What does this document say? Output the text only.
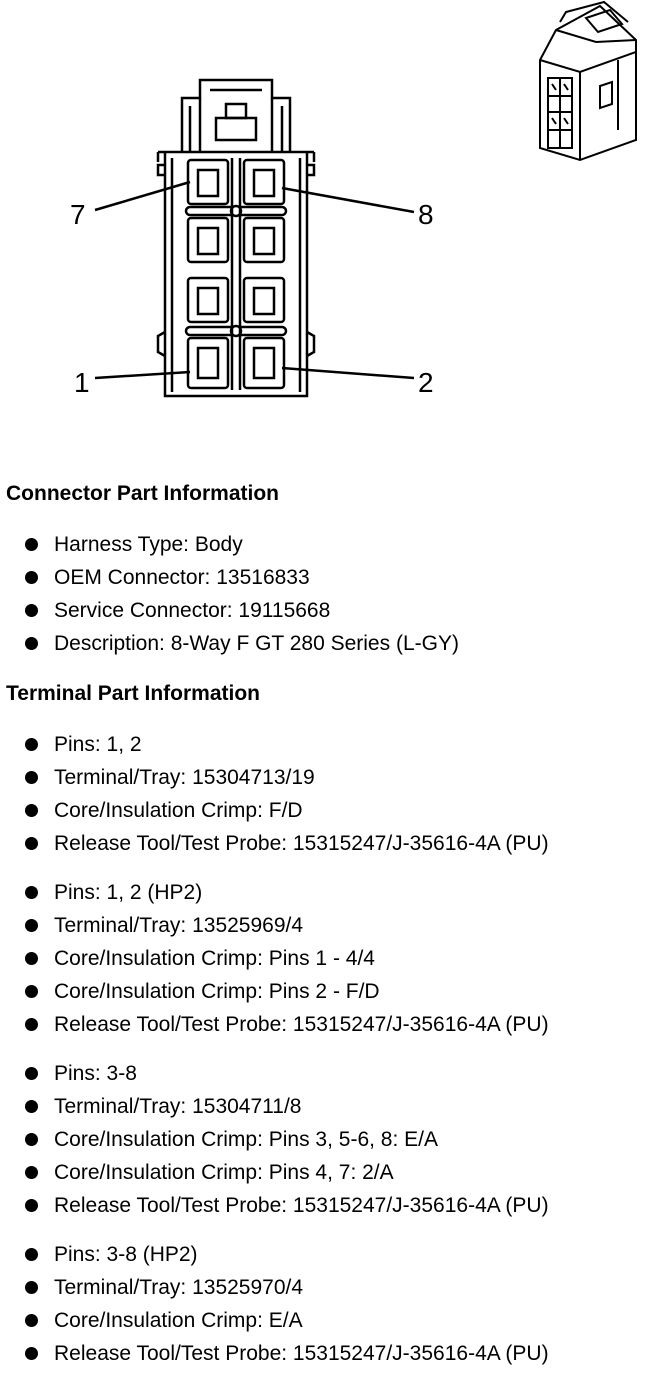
7	8
1	2
Connector Part Information
Harness Type: Body
OEM Connector: 13516833
Service Connector: 19115668
Description: 8-Way F GT 280 Series (L-GY)
Terminal Part Information
Pins: 1, 2
Terminal/Tray: 15304713/19
Core/Insulation Crimp: F/D
Release Tool/Test Probe: 15315247/J-35616-4A (PU)
Pins: 1, 2 (HP2)
Terminal/Tray: 13525969/4
Core/Insulation Crimp: Pins 1 - 4/4
Core/Insulation Crimp: Pins 2 - F/D
Release Tool/Test Probe: 15315247/J-35616-4A (PU)
Pins: 3-8
Terminal/Tray: 15304711/8
Core/Insulation Crimp: Pins 3, 5-6, 8: E/A
Core/Insulation Crimp: Pins 4, 7: 2/A
Release Tool/Test Probe: 15315247/J-35616-4A (PU)
Pins: 3-8 (HP2)
Terminal/Tray: 13525970/4
Core/Insulation Crimp: E/A
Release Tool/Test Probe: 15315247/J-35616-4A (PU)
